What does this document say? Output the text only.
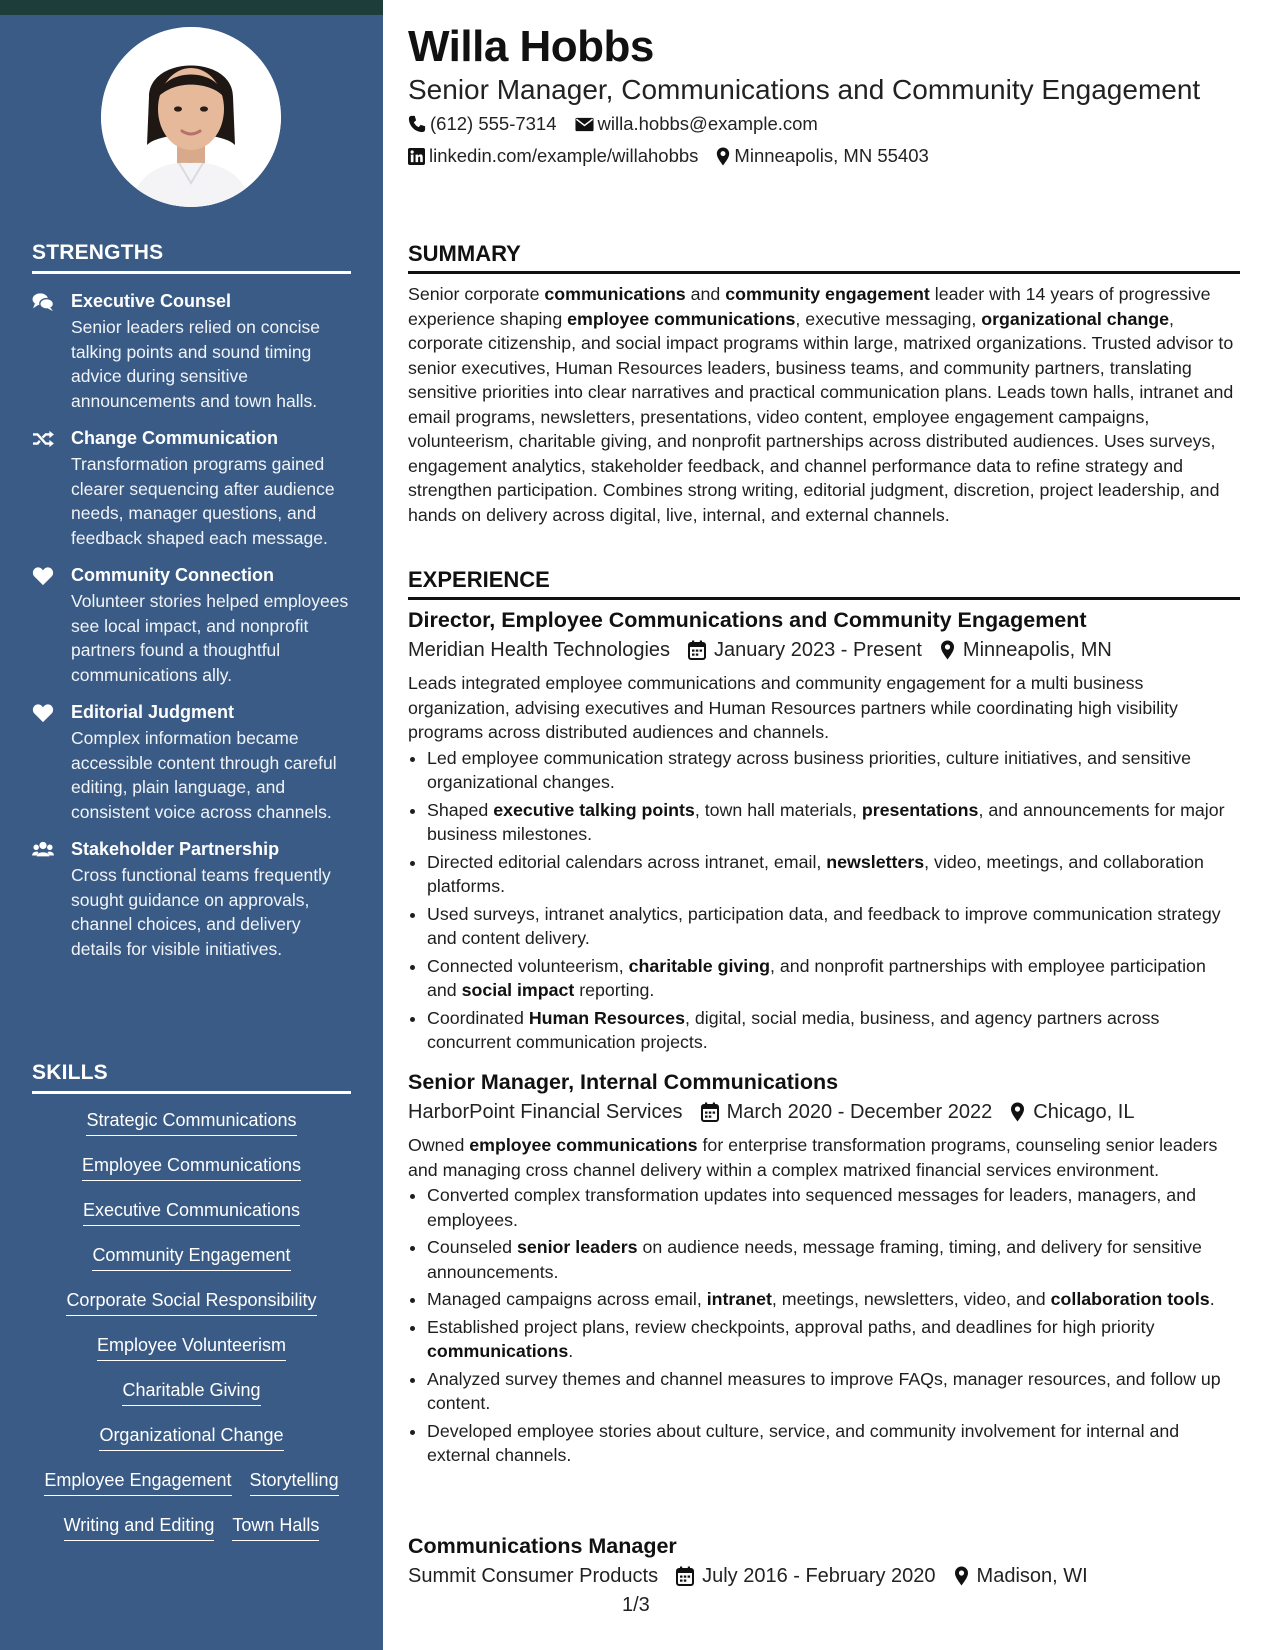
STRENGTHS
Executive Counsel
Senior leaders relied on concise talking points and sound timing advice during sensitive announcements and town halls.
Change Communication
Transformation programs gained clearer sequencing after audience needs, manager questions, and feedback shaped each message.
Community Connection
Volunteer stories helped employees see local impact, and nonprofit partners found a thoughtful communications ally.
Editorial Judgment
Complex information became accessible content through careful editing, plain language, and consistent voice across channels.
Stakeholder Partnership
Cross functional teams frequently sought guidance on approvals, channel choices, and delivery details for visible initiatives.
SKILLS
Strategic Communications
Employee Communications
Executive Communications
Community Engagement
Corporate Social Responsibility
Employee Volunteerism
Charitable Giving
Organizational Change
Employee Engagement Storytelling
Writing and Editing Town Halls
Willa Hobbs
Senior Manager, Communications and Community Engagement
(612) 555-7314 willa.hobbs@example.com
linkedin.com/example/willahobbs Minneapolis, MN 55403
SUMMARY
Senior corporate communications and community engagement leader with 14 years of progressive experience shaping employee communications, executive messaging, organizational change, corporate citizenship, and social impact programs within large, matrixed organizations. Trusted advisor to senior executives, Human Resources leaders, business teams, and community partners, translating sensitive priorities into clear narratives and practical communication plans. Leads town halls, intranet and email programs, newsletters, presentations, video content, employee engagement campaigns, volunteerism, charitable giving, and nonprofit partnerships across distributed audiences. Uses surveys, engagement analytics, stakeholder feedback, and channel performance data to refine strategy and strengthen participation. Combines strong writing, editorial judgment, discretion, project leadership, and hands on delivery across digital, live, internal, and external channels.
EXPERIENCE
Director, Employee Communications and Community Engagement
Meridian Health Technologies January 2023 - Present Minneapolis, MN
Leads integrated employee communications and community engagement for a multi business organization, advising executives and Human Resources partners while coordinating high visibility programs across distributed audiences and channels.
• Led employee communication strategy across business priorities, culture initiatives, and sensitive organizational changes.
• Shaped executive talking points, town hall materials, presentations, and announcements for major business milestones.
• Directed editorial calendars across intranet, email, newsletters, video, meetings, and collaboration platforms.
• Used surveys, intranet analytics, participation data, and feedback to improve communication strategy and content delivery.
• Connected volunteerism, charitable giving, and nonprofit partnerships with employee participation and social impact reporting.
• Coordinated Human Resources, digital, social media, business, and agency partners across concurrent communication projects.
Senior Manager, Internal Communications
HarborPoint Financial Services March 2020 - December 2022 Chicago, IL
Owned employee communications for enterprise transformation programs, counseling senior leaders and managing cross channel delivery within a complex matrixed financial services environment.
• Converted complex transformation updates into sequenced messages for leaders, managers, and employees.
• Counseled senior leaders on audience needs, message framing, timing, and delivery for sensitive announcements.
• Managed campaigns across email, intranet, meetings, newsletters, video, and collaboration tools.
• Established project plans, review checkpoints, approval paths, and deadlines for high priority communications.
• Analyzed survey themes and channel measures to improve FAQs, manager resources, and follow up content.
• Developed employee stories about culture, service, and community involvement for internal and external channels.
Communications Manager
Summit Consumer Products July 2016 - February 2020 Madison, WI
1/3
